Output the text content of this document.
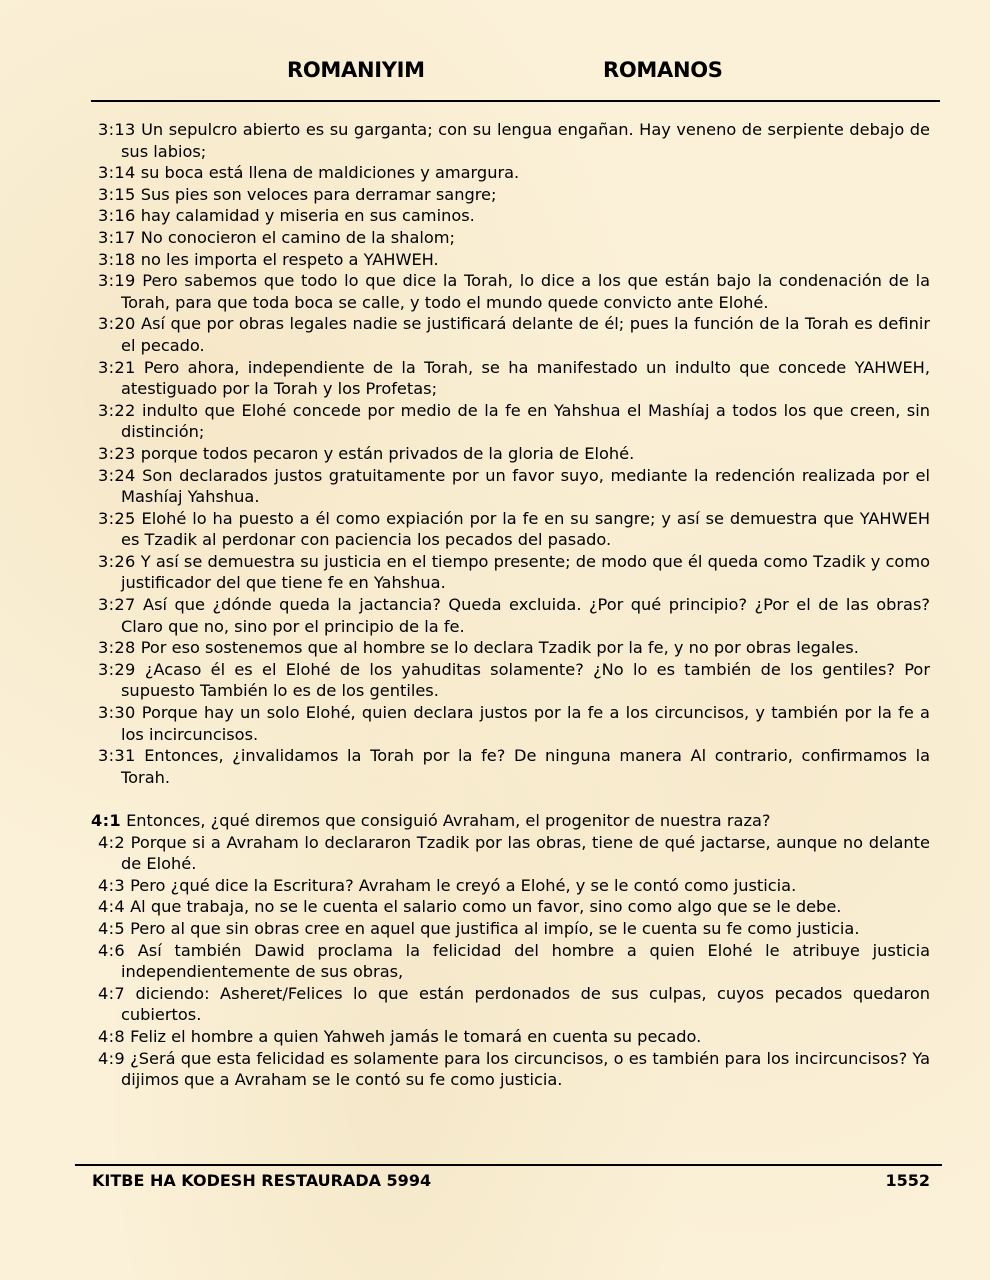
ROMANIYIM	ROMANOS

3:13 Un sepulcro abierto es su garganta; con su lengua engañan. Hay veneno de serpiente debajo de sus labios;

3:14 su boca está llena de maldiciones y amargura.

3:15 Sus pies son veloces para derramar sangre;

3:16 hay calamidad y miseria en sus caminos.

3:17 No conocieron el camino de la shalom;

3:18 no les importa el respeto a YAHWEH.

3:19 Pero sabemos que todo lo que dice la Torah, lo dice a los que están bajo la condenación de la Torah, para que toda boca se calle, y todo el mundo quede convicto ante Elohé.

3:20 Así que por obras legales nadie se justificará delante de él; pues la función de la Torah es definir el pecado.

3:21 Pero ahora, independiente de la Torah, se ha manifestado un indulto que concede YAHWEH, atestiguado por la Torah y los Profetas;

3:22 indulto que Elohé concede por medio de la fe en Yahshua el Mashíaj a todos los que creen, sin distinción;

3:23 porque todos pecaron y están privados de la gloria de Elohé.

3:24 Son declarados justos gratuitamente por un favor suyo, mediante la redención realizada por el Mashíaj Yahshua.

3:25 Elohé lo ha puesto a él como expiación por la fe en su sangre; y así se demuestra que YAHWEH es Tzadik al perdonar con paciencia los pecados del pasado.

3:26 Y así se demuestra su justicia en el tiempo presente; de modo que él queda como Tzadik y como justificador del que tiene fe en Yahshua.

3:27 Así que ¿dónde queda la jactancia? Queda excluida. ¿Por qué principio? ¿Por el de las obras? Claro que no, sino por el principio de la fe.

3:28 Por eso sostenemos que al hombre se lo declara Tzadik por la fe, y no por obras legales.

3:29 ¿Acaso él es el Elohé de los yahuditas solamente? ¿No lo es también de los gentiles? Por supuesto También lo es de los gentiles.

3:30 Porque hay un solo Elohé, quien declara justos por la fe a los circuncisos, y también por la fe a los incircuncisos.

3:31 Entonces, ¿invalidamos la Torah por la fe? De ninguna manera Al contrario, confirmamos la Torah.

4:1 Entonces, ¿qué diremos que consiguió Avraham, el progenitor de nuestra raza?

4:2 Porque si a Avraham lo declararon Tzadik por las obras, tiene de qué jactarse, aunque no delante de Elohé.

4:3 Pero ¿qué dice la Escritura? Avraham le creyó a Elohé, y se le contó como justicia.

4:4 Al que trabaja, no se le cuenta el salario como un favor, sino como algo que se le debe.

4:5 Pero al que sin obras cree en aquel que justifica al impío, se le cuenta su fe como justicia.

4:6 Así también Dawid proclama la felicidad del hombre a quien Elohé le atribuye justicia independientemente de sus obras,

4:7 diciendo: Asheret/Felices lo que están perdonados de sus culpas, cuyos pecados quedaron cubiertos.

4:8 Feliz el hombre a quien Yahweh jamás le tomará en cuenta su pecado.

4:9 ¿Será que esta felicidad es solamente para los circuncisos, o es también para los incircuncisos? Ya dijimos que a Avraham se le contó su fe como justicia.

KITBE HA KODESH RESTAURADA 5994	1552
